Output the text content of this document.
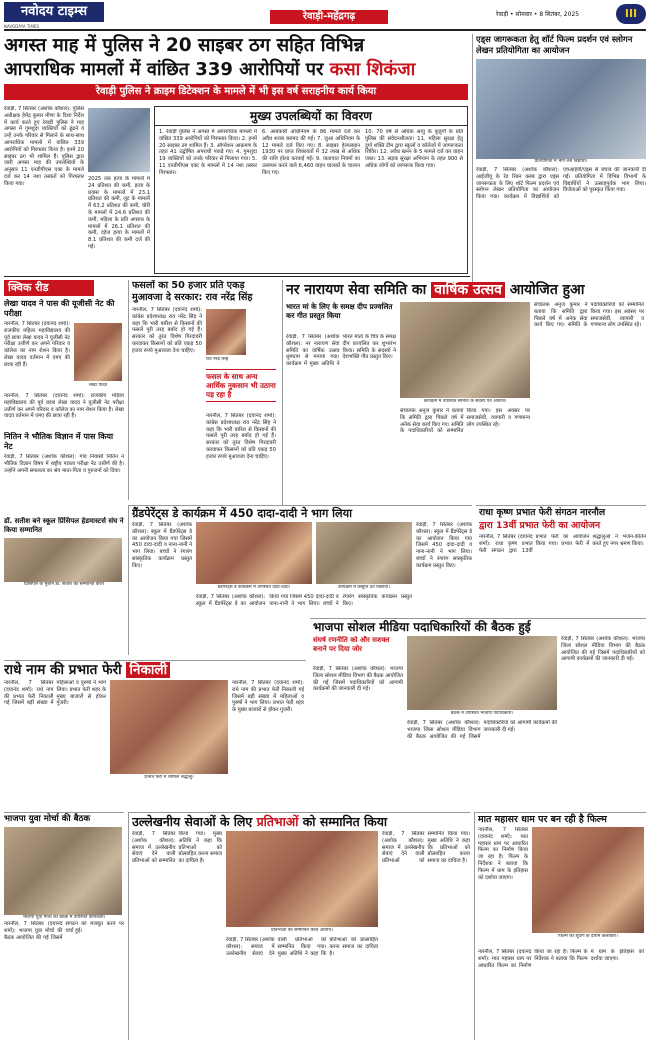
नवोदय टाइम्स
NAVODAYA TIMES
रेवाड़ी-महेंद्रगढ़	रेवाड़ी • सोमवार • 8 सितंबर, 2025	III
अगस्त माह में पुलिस ने 20 साइबर ठग सहित विभिन्न
आपराधिक मामलों में वांछित 339 आरोपियों पर कसा शिकंजा
रेवाड़ी पुलिस ने क्राइम डिटेक्शन के मामले में भी इस वर्ष सराहनीय कार्य किया
रेवाड़ी, 7 सितंबर (अशोक कौशल): पुलिस अधीक्षक हेमेंद्र कुमार मीणा के दिशा निर्देश में कार्य करते हुए रेवाड़ी पुलिस ने माह अगस्त में गुमशुदा व्यक्तियों को ढूंढने व उन्हें उनके परिवार से मिलाने के साथ-साथ आपराधिक मामलों में वांछित 339 आरोपियों को गिरफ्तार किया है। इनमें 20 साइबर ठग भी शामिल हैं। पुलिस द्वारा जारी अगस्त माह की उपलब्धियों के अनुसार 11 एनडीपीएस एक्ट के मामले दर्ज कर 14 नशा तस्करों को गिरफ्तार किया गया।
2025 तक हत्या के मामलों में 24 प्रतिशत की कमी, हत्या के प्रयास के मामलों में 23.1 प्रतिशत की कमी, लूट के मामलों में 63.2 प्रतिशत की कमी, चोरी के मामलों में 24.6 प्रतिशत की कमी, महिला के प्रति अपराध के मामलों में 26.1 प्रतिशत की कमी, दहेज हत्या के मामलों में 8.1 प्रतिशत की कमी दर्ज की गई।
मुख्य उपलब्धियों का विवरण
1. रेवाड़ी पुलिस ने अगस्त में आपराधिक मामलों में वांछित 339 आरोपियों को गिरफ्तार किया। 2. इनमें 20 साइबर ठग शामिल हैं। 3. ऑपरेशन आक्रमण के तहत 41 उद्घोषित अपराधी पकड़े गए। 4. गुमशुदा 19 व्यक्तियों को उनके परिवार से मिलाया गया। 5. 11 एनडीपीएस एक्ट के मामलों में 14 नशा तस्कर गिरफ्तार।
6. आबकारी अधिनियम के 86 मामले दर्ज कर अवैध शराब बरामद की गई। 7. जुआ अधिनियम के 12 मामले दर्ज किए गए। 8. साइबर हेल्पलाइन 1930 पर प्राप्त शिकायतों में 32 लाख से अधिक की राशि होल्ड करवाई गई। 9. यातायात नियमों का उल्लंघन करने वाले 6,460 वाहन चालकों के चालान किए गए।
10. 70 वर्ष से अधिक आयु के बुजुर्गों के प्रति पुलिस की संवेदनशीलता। 11. महिला सुरक्षा हेतु दुर्गा शक्ति टीम द्वारा स्कूलों व कॉलेजों में जागरूकता शिविर। 12. अवैध खनन के 5 मामले दर्ज कर वाहन जब्त। 13. सड़क सुरक्षा अभियान के तहत 900 से अधिक लोगों को जागरूक किया गया।
एड्स जागरूकता हेतु शॉर्ट फिल्म प्रदर्शन एवं स्लोगन लेखन प्रतियोगिता का आयोजन
प्रतियोगिता में भाग लेते विद्यार्थी।
रेवाड़ी, 7 सितंबर (अशोक कौशल): आईजीयू के रेड रिबन क्लब द्वारा एड्स जागरूकता के लिए शॉर्ट फिल्म प्रदर्शन एवं स्लोगन लेखन प्रतियोगिता का आयोजन किया गया। कार्यक्रम में विद्यार्थियों को एचआईवी/एड्स से बचाव की जानकारी दी गई। प्रतियोगिता में विभिन्न विभागों के विद्यार्थियों ने उत्साहपूर्वक भाग लिया। विजेताओं को पुरस्कृत किया गया।
क्विक रीड
लेखा यादव ने पास की यूजीसी नेट की परीक्षा
नारनौल, 7 सितंबर (दयानंद शर्मा): राजकीय महिला महाविद्यालय की पूर्व छात्रा लेखा यादव ने यूजीसी नेट परीक्षा उत्तीर्ण कर अपने परिवार व कॉलेज का नाम रोशन किया है। लेखा यादव वर्तमान में एमए की छात्रा रही हैं।
लेखा यादव
नारनौल, 7 सितंबर (दयानंद शर्मा): राजकीय महिला महाविद्यालय की पूर्व छात्रा लेखा यादव ने यूजीसी नेट परीक्षा उत्तीर्ण कर अपने परिवार व कॉलेज का नाम रोशन किया है। लेखा यादव वर्तमान में एमए की छात्रा रही हैं।
नितिन ने भौतिक विज्ञान में पास किया नेट
रेवाड़ी, 7 सितंबर (अशोक कौशल): गांव निवासी नितिन ने भौतिक विज्ञान विषय में राष्ट्रीय पात्रता परीक्षा नेट उत्तीर्ण की है। उन्होंने अपनी सफलता का श्रेय माता-पिता व गुरुजनों को दिया।
डॉ. सतीश बने स्कूल प्रिंसिपल हेडमास्टर्स संघ ने किया सम्मानित
प्रिंसिपल के मुंशीन डॉ. सतीश को सम्मानित करते
फसलों का 50 हजार प्रति एकड़ मुआवजा दे सरकार: राव नरेंद्र सिंह
नारनौल, 7 सितंबर (दयानंद शर्मा): कांग्रेस प्रदेशाध्यक्ष राव नरेंद्र सिंह ने कहा कि भारी बारिश से किसानों की फसलें पूरी तरह बर्बाद हो गई हैं। सरकार को तुरंत विशेष गिरदावरी करवाकर किसानों को प्रति एकड़ 50 हजार रुपये मुआवजा देना चाहिए।
राव नरेंद्र सिंह
फसल के साथ अन्य आर्थिक नुकसान भी उठाना पड़ रहा है
नारनौल, 7 सितंबर (दयानंद शर्मा): कांग्रेस प्रदेशाध्यक्ष राव नरेंद्र सिंह ने कहा कि भारी बारिश से किसानों की फसलें पूरी तरह बर्बाद हो गई हैं। सरकार को तुरंत विशेष गिरदावरी करवाकर किसानों को प्रति एकड़ 50 हजार रुपये मुआवजा देना चाहिए।
नर नारायण सेवा समिति का वार्षिक उत्सव आयोजित हुआ
भारत मां के लिए के समक्ष दीप प्रज्वलित कर गीत प्रस्तुत किया
रेवाड़ी, 7 सितंबर (अशोक कौशल): नर नारायण सेवा समिति का वार्षिक उत्सव धूमधाम से मनाया गया। कार्यक्रम में मुख्य अतिथि ने भारत माता के चित्र के समक्ष दीप प्रज्वलित कर शुभारंभ किया। समिति के सदस्यों ने देशभक्ति गीत प्रस्तुत किए।
कार्यक्रम में उपस्थित समिति के सदस्य एवं अतिथि।
संचालक अनुज कुमार ने बताया कि समिति द्वारा पिछले वर्ष में अनेक सेवा कार्य किए गए। समिति के पदाधिकारियों को सम्मानित किया गया। इस अवसर पर समाजसेवी, व्यापारी व गणमान्य लोग उपस्थित रहे।
संचालक अनुज कुमार ने बताया कि समिति द्वारा पिछले वर्ष में अनेक सेवा कार्य किए गए। समिति के पदाधिकारियों को सम्मानित किया गया। इस अवसर पर समाजसेवी, व्यापारी व गणमान्य लोग उपस्थित रहे।
ग्रैंडपेरेंट्स डे कार्यक्रम में 450 दादा-दादी ने भाग लिया
रेवाड़ी, 7 सितंबर (अशोक कौशल): स्कूल में ग्रैंडपेरेंट्स डे का आयोजन किया गया जिसमें 450 दादा-दादी व नाना-नानी ने भाग लिया। बच्चों ने रंगारंग सांस्कृतिक कार्यक्रम प्रस्तुत किए।
ग्रैंडपेरेंट्स डे कार्यक्रम में उपस्थित दादा-दादी।	कार्यक्रम में प्रस्तुति देते विद्यार्थी।
रेवाड़ी, 7 सितंबर (अशोक कौशल): स्कूल में ग्रैंडपेरेंट्स डे का आयोजन किया गया जिसमें 450 दादा-दादी व नाना-नानी ने भाग लिया। बच्चों ने रंगारंग सांस्कृतिक कार्यक्रम प्रस्तुत किए।
रेवाड़ी, 7 सितंबर (अशोक कौशल): स्कूल में ग्रैंडपेरेंट्स डे का आयोजन किया गया जिसमें 450 दादा-दादी व नाना-नानी ने भाग लिया। बच्चों ने रंगारंग सांस्कृतिक कार्यक्रम प्रस्तुत किए।
राधा कृष्ण प्रभात फेरी संगठन नारनौल
द्वारा 13वीं प्रभात फेरी का आयोजन
नारनौल, 7 सितंबर (दयानंद शर्मा): राधा कृष्ण प्रभात फेरी संगठन द्वारा 13वीं प्रभात फेरी का आयोजन किया गया। प्रभात फेरी में श्रद्धालुओं ने भजन-कीर्तन करते हुए नगर भ्रमण किया।
भाजपा सोशल मीडिया पदाधिकारियों की बैठक हुई
संघर्ष रणनीति को और सशक्त बनाने पर दिया जोर
रेवाड़ी, 7 सितंबर (अशोक कौशल): भाजपा जिला सोशल मीडिया विभाग की बैठक आयोजित की गई जिसमें पदाधिकारियों को आगामी कार्यक्रमों की जानकारी दी गई।
बैठक में उपस्थित भाजपा पदाधिकारी।
रेवाड़ी, 7 सितंबर (अशोक कौशल): भाजपा जिला सोशल मीडिया विभाग की बैठक आयोजित की गई जिसमें पदाधिकारियों को आगामी कार्यक्रमों की जानकारी दी गई।
रेवाड़ी, 7 सितंबर (अशोक कौशल): भाजपा जिला सोशल मीडिया विभाग की बैठक आयोजित की गई जिसमें पदाधिकारियों को आगामी कार्यक्रमों की जानकारी दी गई।
राधे नाम की प्रभात फेरी निकाली
नारनौल, 7 सितंबर (दयानंद शर्मा): राधे नाम की प्रभात फेरी निकाली गई जिसमें बड़ी संख्या में महिलाओं व पुरुषों ने भाग लिया। प्रभात फेरी शहर के मुख्य बाजारों से होकर गुजरी।
प्रभात फेरी में शामिल श्रद्धालु।
नारनौल, 7 सितंबर (दयानंद शर्मा): राधे नाम की प्रभात फेरी निकाली गई जिसमें बड़ी संख्या में महिलाओं व पुरुषों ने भाग लिया। प्रभात फेरी शहर के मुख्य बाजारों से होकर गुजरी।
भाजपा युवा मोर्चा की बैठक
भाजपा युवा मोर्चा की बैठक में उपस्थित कार्यकर्ता।
नारनौल, 7 सितंबर (दयानंद शर्मा): भाजपा युवा मोर्चा की बैठक आयोजित की गई जिसमें संगठन को मजबूत करने पर चर्चा हुई।
उल्लेखनीय सेवाओं के लिए प्रतिभाओं को सम्मानित किया
रेवाड़ी, 7 सितंबर (अशोक कौशल): समाज में उल्लेखनीय सेवाएं देने वाली प्रतिभाओं को सम्मानित किया गया। मुख्य अतिथि ने कहा कि प्रतिभाओं को प्रोत्साहित करना समाज का दायित्व है।
प्रतिभाओं को सम्मानित करते अतिथि।
रेवाड़ी, 7 सितंबर (अशोक कौशल): समाज में उल्लेखनीय सेवाएं देने वाली प्रतिभाओं को सम्मानित किया गया। मुख्य अतिथि ने कहा कि प्रतिभाओं को प्रोत्साहित करना समाज का दायित्व है।
रेवाड़ी, 7 सितंबर (अशोक कौशल): समाज में उल्लेखनीय सेवाएं देने वाली प्रतिभाओं को सम्मानित किया गया। मुख्य अतिथि ने कहा कि प्रतिभाओं को प्रोत्साहित करना समाज का दायित्व है।
मात महासर धाम पर बन रही है फिल्म
नारनौल, 7 सितंबर (दयानंद शर्मा): मात महासर धाम पर आधारित फिल्म का निर्माण किया जा रहा है। फिल्म के निर्देशक ने बताया कि फिल्म में धाम के इतिहास को दर्शाया जाएगा।
फिल्म की शूटिंग के दौरान कलाकार।
नारनौल, 7 सितंबर (दयानंद शर्मा): मात महासर धाम पर आधारित फिल्म का निर्माण किया जा रहा है। फिल्म के निर्देशक ने बताया कि फिल्म में धाम के इतिहास को दर्शाया जाएगा।
